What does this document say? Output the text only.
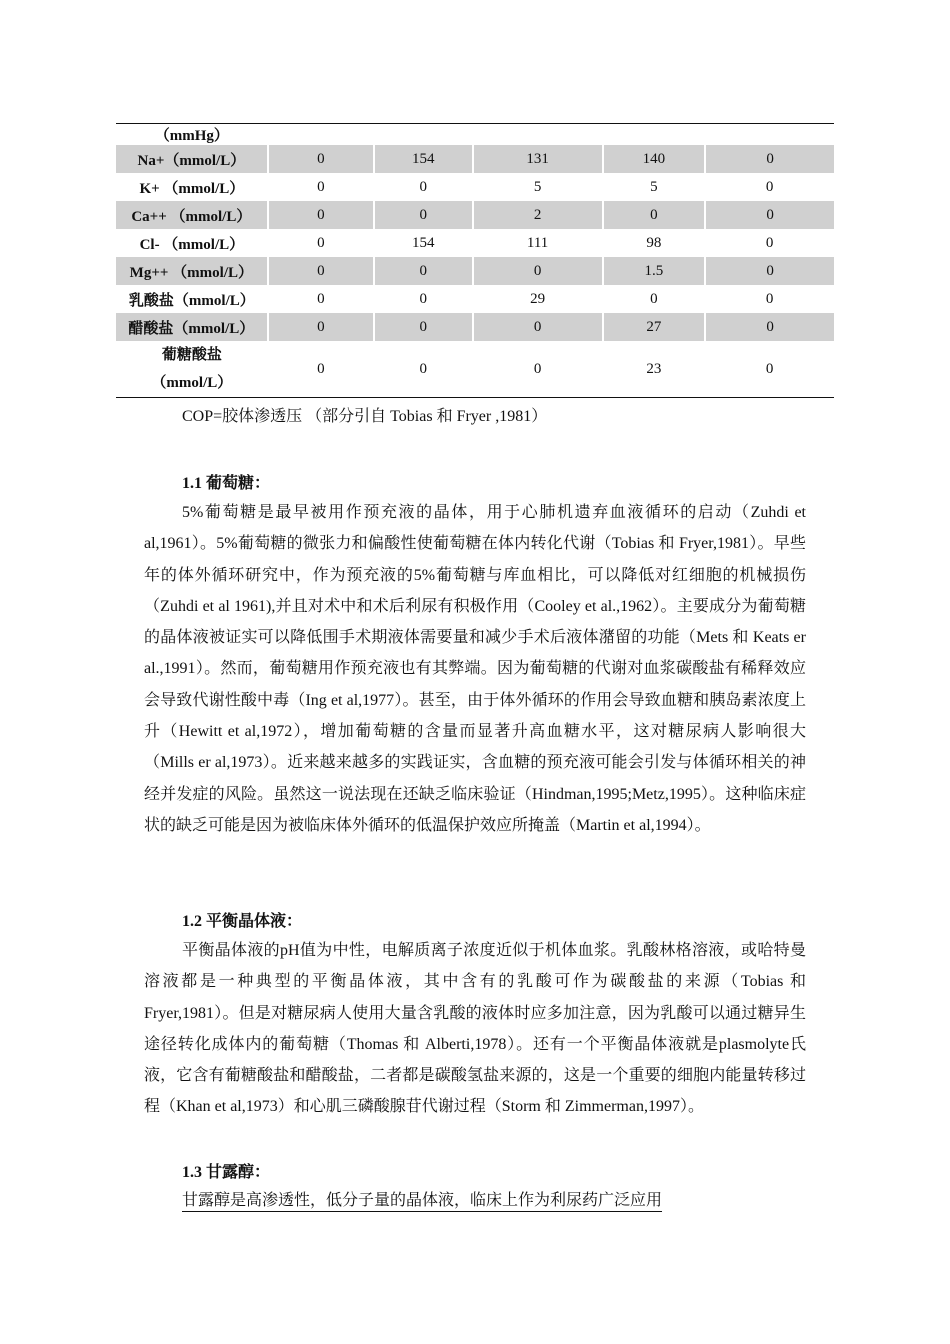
（mmHg）					
Na+（mmol/L）	0	154	131	140	0
K+ （mmol/L）	0	0	5	5	0
Ca++ （mmol/L）	0	0	2	0	0
Cl- （mmol/L）	0	154	111	98	0
Mg++ （mmol/L）	0	0	0	1.5	0
乳酸盐（mmol/L）	0	0	29	0	0
醋酸盐（mmol/L）	0	0	0	27	0
葡糖酸盐
（mmol/L）	0	0	0	23	0
COP=胶体渗透压 （部分引自 Tobias 和 Fryer ,1981）
1.1 葡萄糖：

5%葡萄糖是最早被用作预充液的晶体，用于心肺机遗弃血液循环的启动（Zuhdi et al,1961）。5%葡萄糖的微张力和偏酸性使葡萄糖在体内转化代谢（Tobias 和 Fryer,1981）。早些年的体外循环研究中，作为预充液的5%葡萄糖与库血相比，可以降低对红细胞的机械损伤（Zuhdi et al 1961),并且对术中和术后利尿有积极作用（Cooley et al.,1962）。主要成分为葡萄糖的晶体液被证实可以降低围手术期液体需要量和减少手术后液体潴留的功能（Mets 和 Keats er al.,1991）。然而，葡萄糖用作预充液也有其弊端。因为葡萄糖的代谢对血浆碳酸盐有稀释效应会导致代谢性酸中毒（Ing et al,1977）。甚至，由于体外循环的作用会导致血糖和胰岛素浓度上升（Hewitt et al,1972），增加葡萄糖的含量而显著升高血糖水平，这对糖尿病人影响很大（Mills er al,1973）。近来越来越多的实践证实，含血糖的预充液可能会引发与体循环相关的神经并发症的风险。虽然这一说法现在还缺乏临床验证（Hindman,1995;Metz,1995）。这种临床症状的缺乏可能是因为被临床体外循环的低温保护效应所掩盖（Martin et al,1994）。

1.2 平衡晶体液：

平衡晶体液的pH值为中性，电解质离子浓度近似于机体血浆。乳酸林格溶液，或哈特曼溶液都是一种典型的平衡晶体液，其中含有的乳酸可作为碳酸盐的来源（Tobias 和 Fryer,1981）。但是对糖尿病人使用大量含乳酸的液体时应多加注意，因为乳酸可以通过糖异生途径转化成体内的葡萄糖（Thomas 和 Alberti,1978）。还有一个平衡晶体液就是plasmolyte氏液，它含有葡糖酸盐和醋酸盐，二者都是碳酸氢盐来源的，这是一个重要的细胞内能量转移过程（Khan et al,1973）和心肌三磷酸腺苷代谢过程（Storm 和 Zimmerman,1997）。

1.3 甘露醇：

甘露醇是高渗透性，低分子量的晶体液，临床上作为利尿药广泛应用
